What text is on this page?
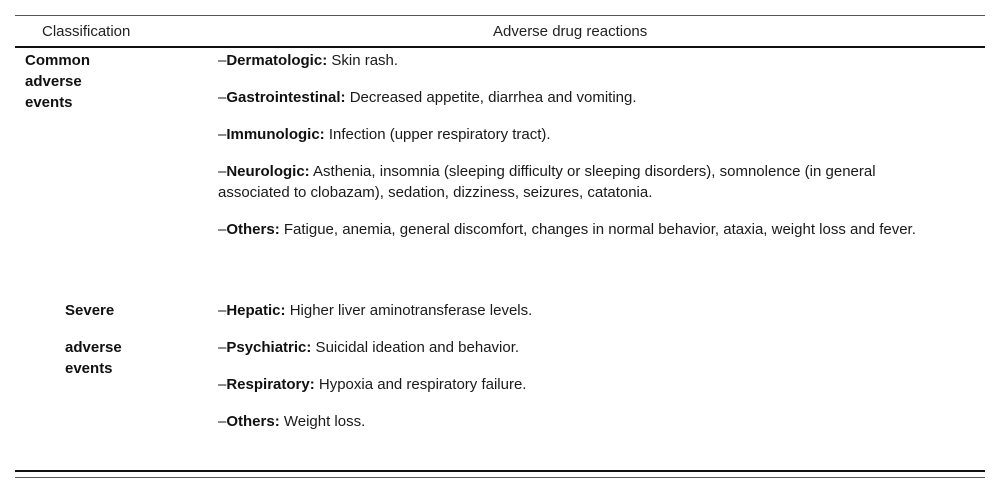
Classification	Adverse drug reactions
Common adverse events
–Dermatologic: Skin rash.
–Gastrointestinal: Decreased appetite, diarrhea and vomiting.
–Immunologic: Infection (upper respiratory tract).
–Neurologic: Asthenia, insomnia (sleeping difficulty or sleeping disorders), somnolence (in general associated to clobazam), sedation, dizziness, seizures, catatonia.
–Others: Fatigue, anemia, general discomfort, changes in normal behavior, ataxia, weight loss and fever.
Severe
adverse events
–Hepatic: Higher liver aminotransferase levels.
–Psychiatric: Suicidal ideation and behavior.
–Respiratory: Hypoxia and respiratory failure.
–Others: Weight loss.
